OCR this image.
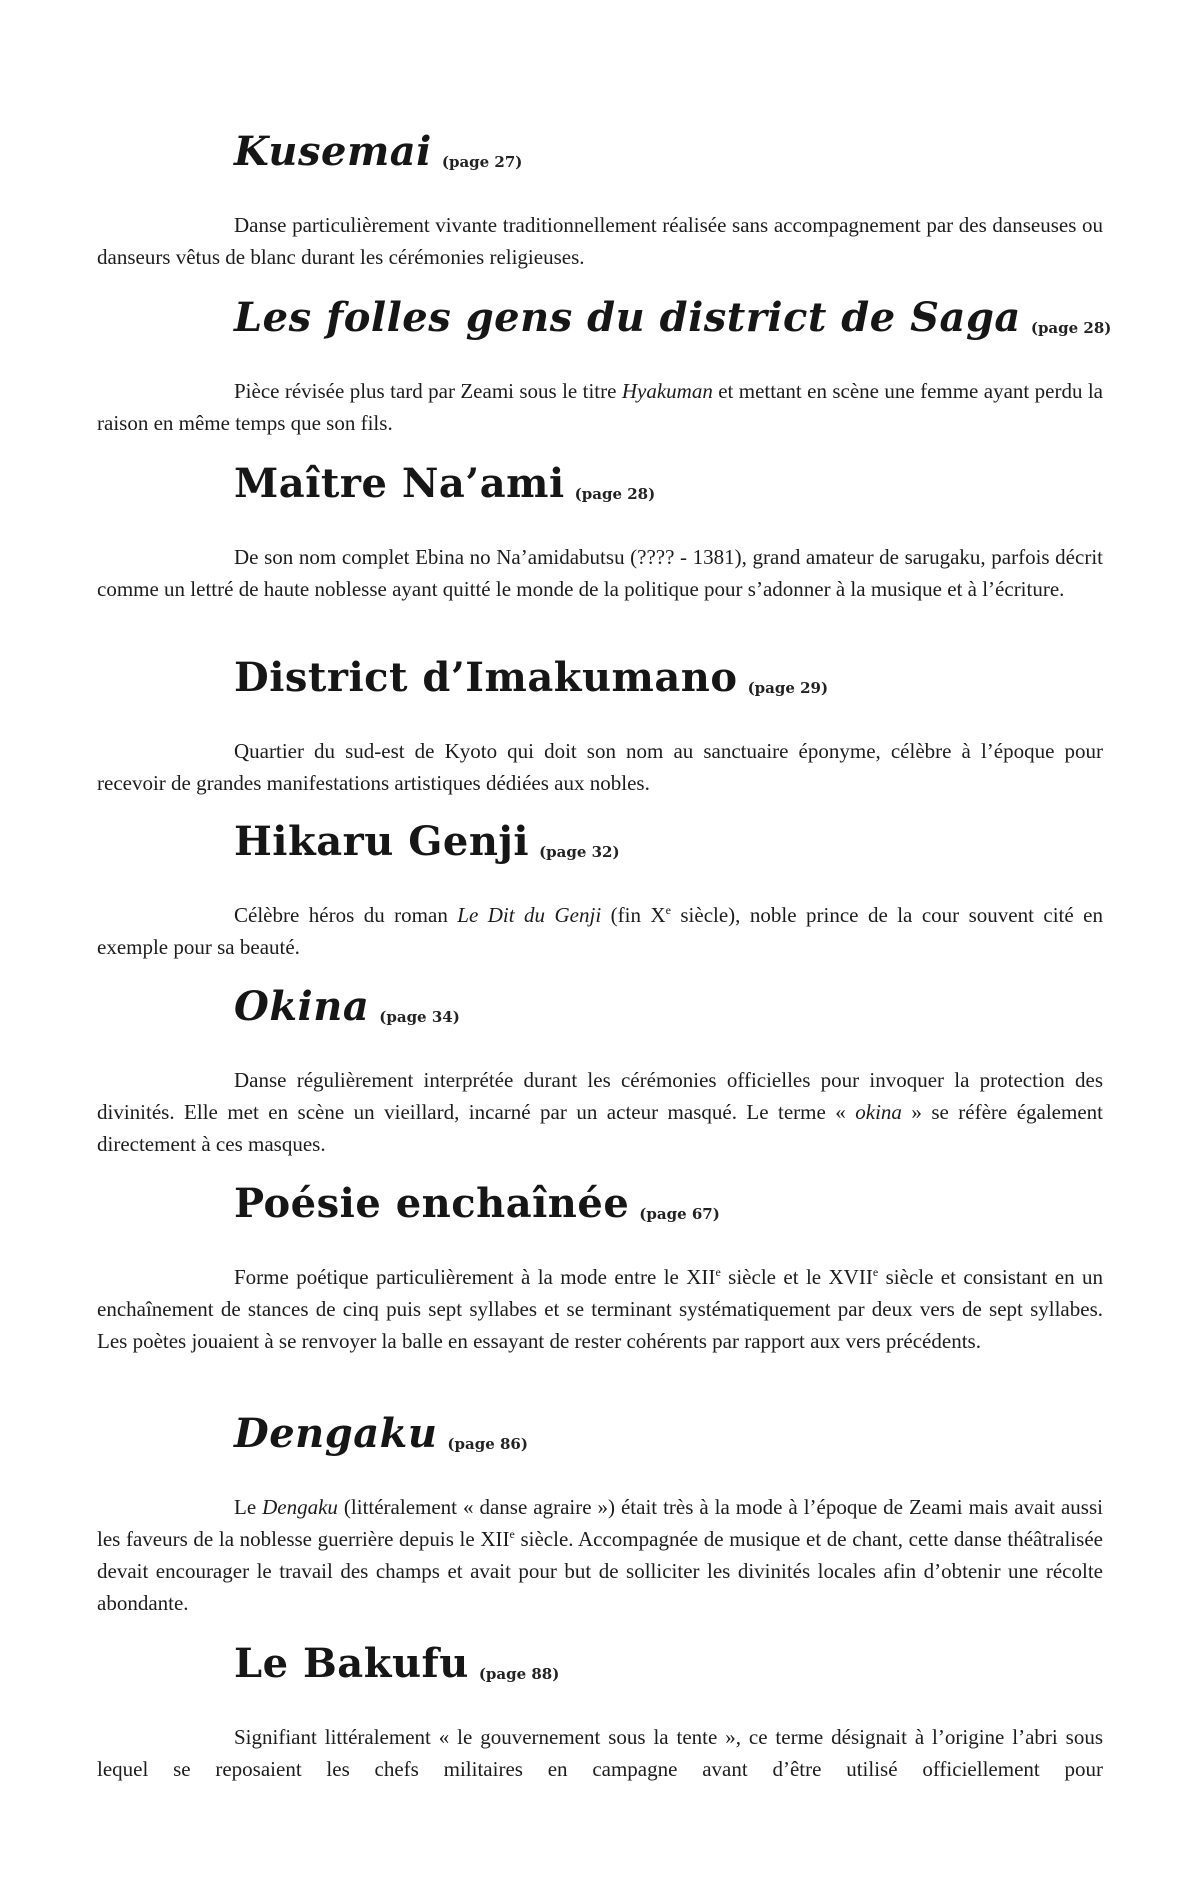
Kusemai (page 27)

Danse particulièrement vivante traditionnellement réalisée sans accompagnement par des danseuses ou danseurs vêtus de blanc durant les cérémonies religieuses.

Les folles gens du district de Saga (page 28)

Pièce révisée plus tard par Zeami sous le titre Hyakuman et mettant en scène une femme ayant perdu la raison en même temps que son fils.

Maître Na’ami (page 28)

De son nom complet Ebina no Na’amidabutsu (???? - 1381), grand amateur de sarugaku, parfois décrit comme un lettré de haute noblesse ayant quitté le monde de la politique pour s’adonner à la musique et à l’écriture.

District d’Imakumano (page 29)

Quartier du sud-est de Kyoto qui doit son nom au sanctuaire éponyme, célèbre à l’époque pour recevoir de grandes manifestations artistiques dédiées aux nobles.

Hikaru Genji (page 32)

Célèbre héros du roman Le Dit du Genji (fin Xe siècle), noble prince de la cour souvent cité en exemple pour sa beauté.

Okina (page 34)

Danse régulièrement interprétée durant les cérémonies officielles pour invoquer la protection des divinités. Elle met en scène un vieillard, incarné par un acteur masqué. Le terme « okina » se réfère également directement à ces masques.

Poésie enchaînée (page 67)

Forme poétique particulièrement à la mode entre le XIIe siècle et le XVIIe siècle et consistant en un enchaînement de stances de cinq puis sept syllabes et se terminant systématiquement par deux vers de sept syllabes. Les poètes jouaient à se renvoyer la balle en essayant de rester cohérents par rapport aux vers précédents.

Dengaku (page 86)

Le Dengaku (littéralement « danse agraire ») était très à la mode à l’époque de Zeami mais avait aussi les faveurs de la noblesse guerrière depuis le XIIe siècle. Accompagnée de musique et de chant, cette danse théâtralisée devait encourager le travail des champs et avait pour but de solliciter les divinités locales afin d’obtenir une récolte abondante.

Le Bakufu (page 88)

Signifiant littéralement « le gouvernement sous la tente », ce terme désignait à l’origine l’abri sous lequel se reposaient les chefs militaires en campagne avant d’être utilisé officiellement pour
